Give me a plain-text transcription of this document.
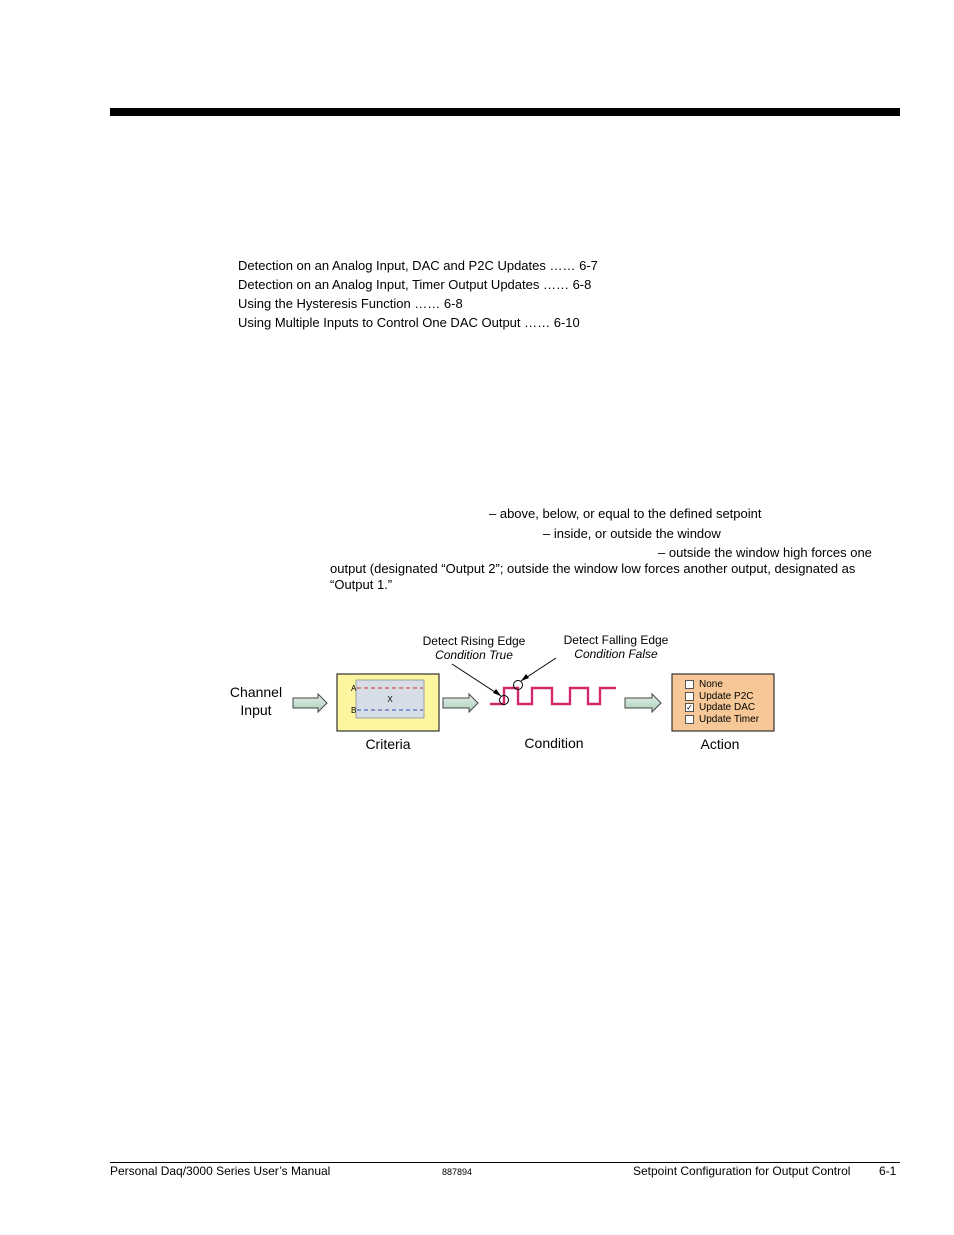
Detection on an Analog Input, DAC and P2C Updates …… 6-7
Detection on an Analog Input, Timer Output Updates …… 6-8
Using the Hysteresis Function …… 6-8
Using Multiple Inputs to Control One DAC Output …… 6-10
– above, below, or equal to the defined setpoint
– inside, or outside the window
– outside the window high forces one
output (designated “Output 2”; outside the window low forces another output, designated as “Output 1.”
Channel
Input
A
B
X
Criteria
Detect Rising Edge
Condition True
Detect Falling Edge
Condition False
Condition	Action
None
Update P2C
✓ Update DAC
Update Timer
Personal Daq/3000 Series User’s Manual	887894	Setpoint Configuration for Output Control 6-1
